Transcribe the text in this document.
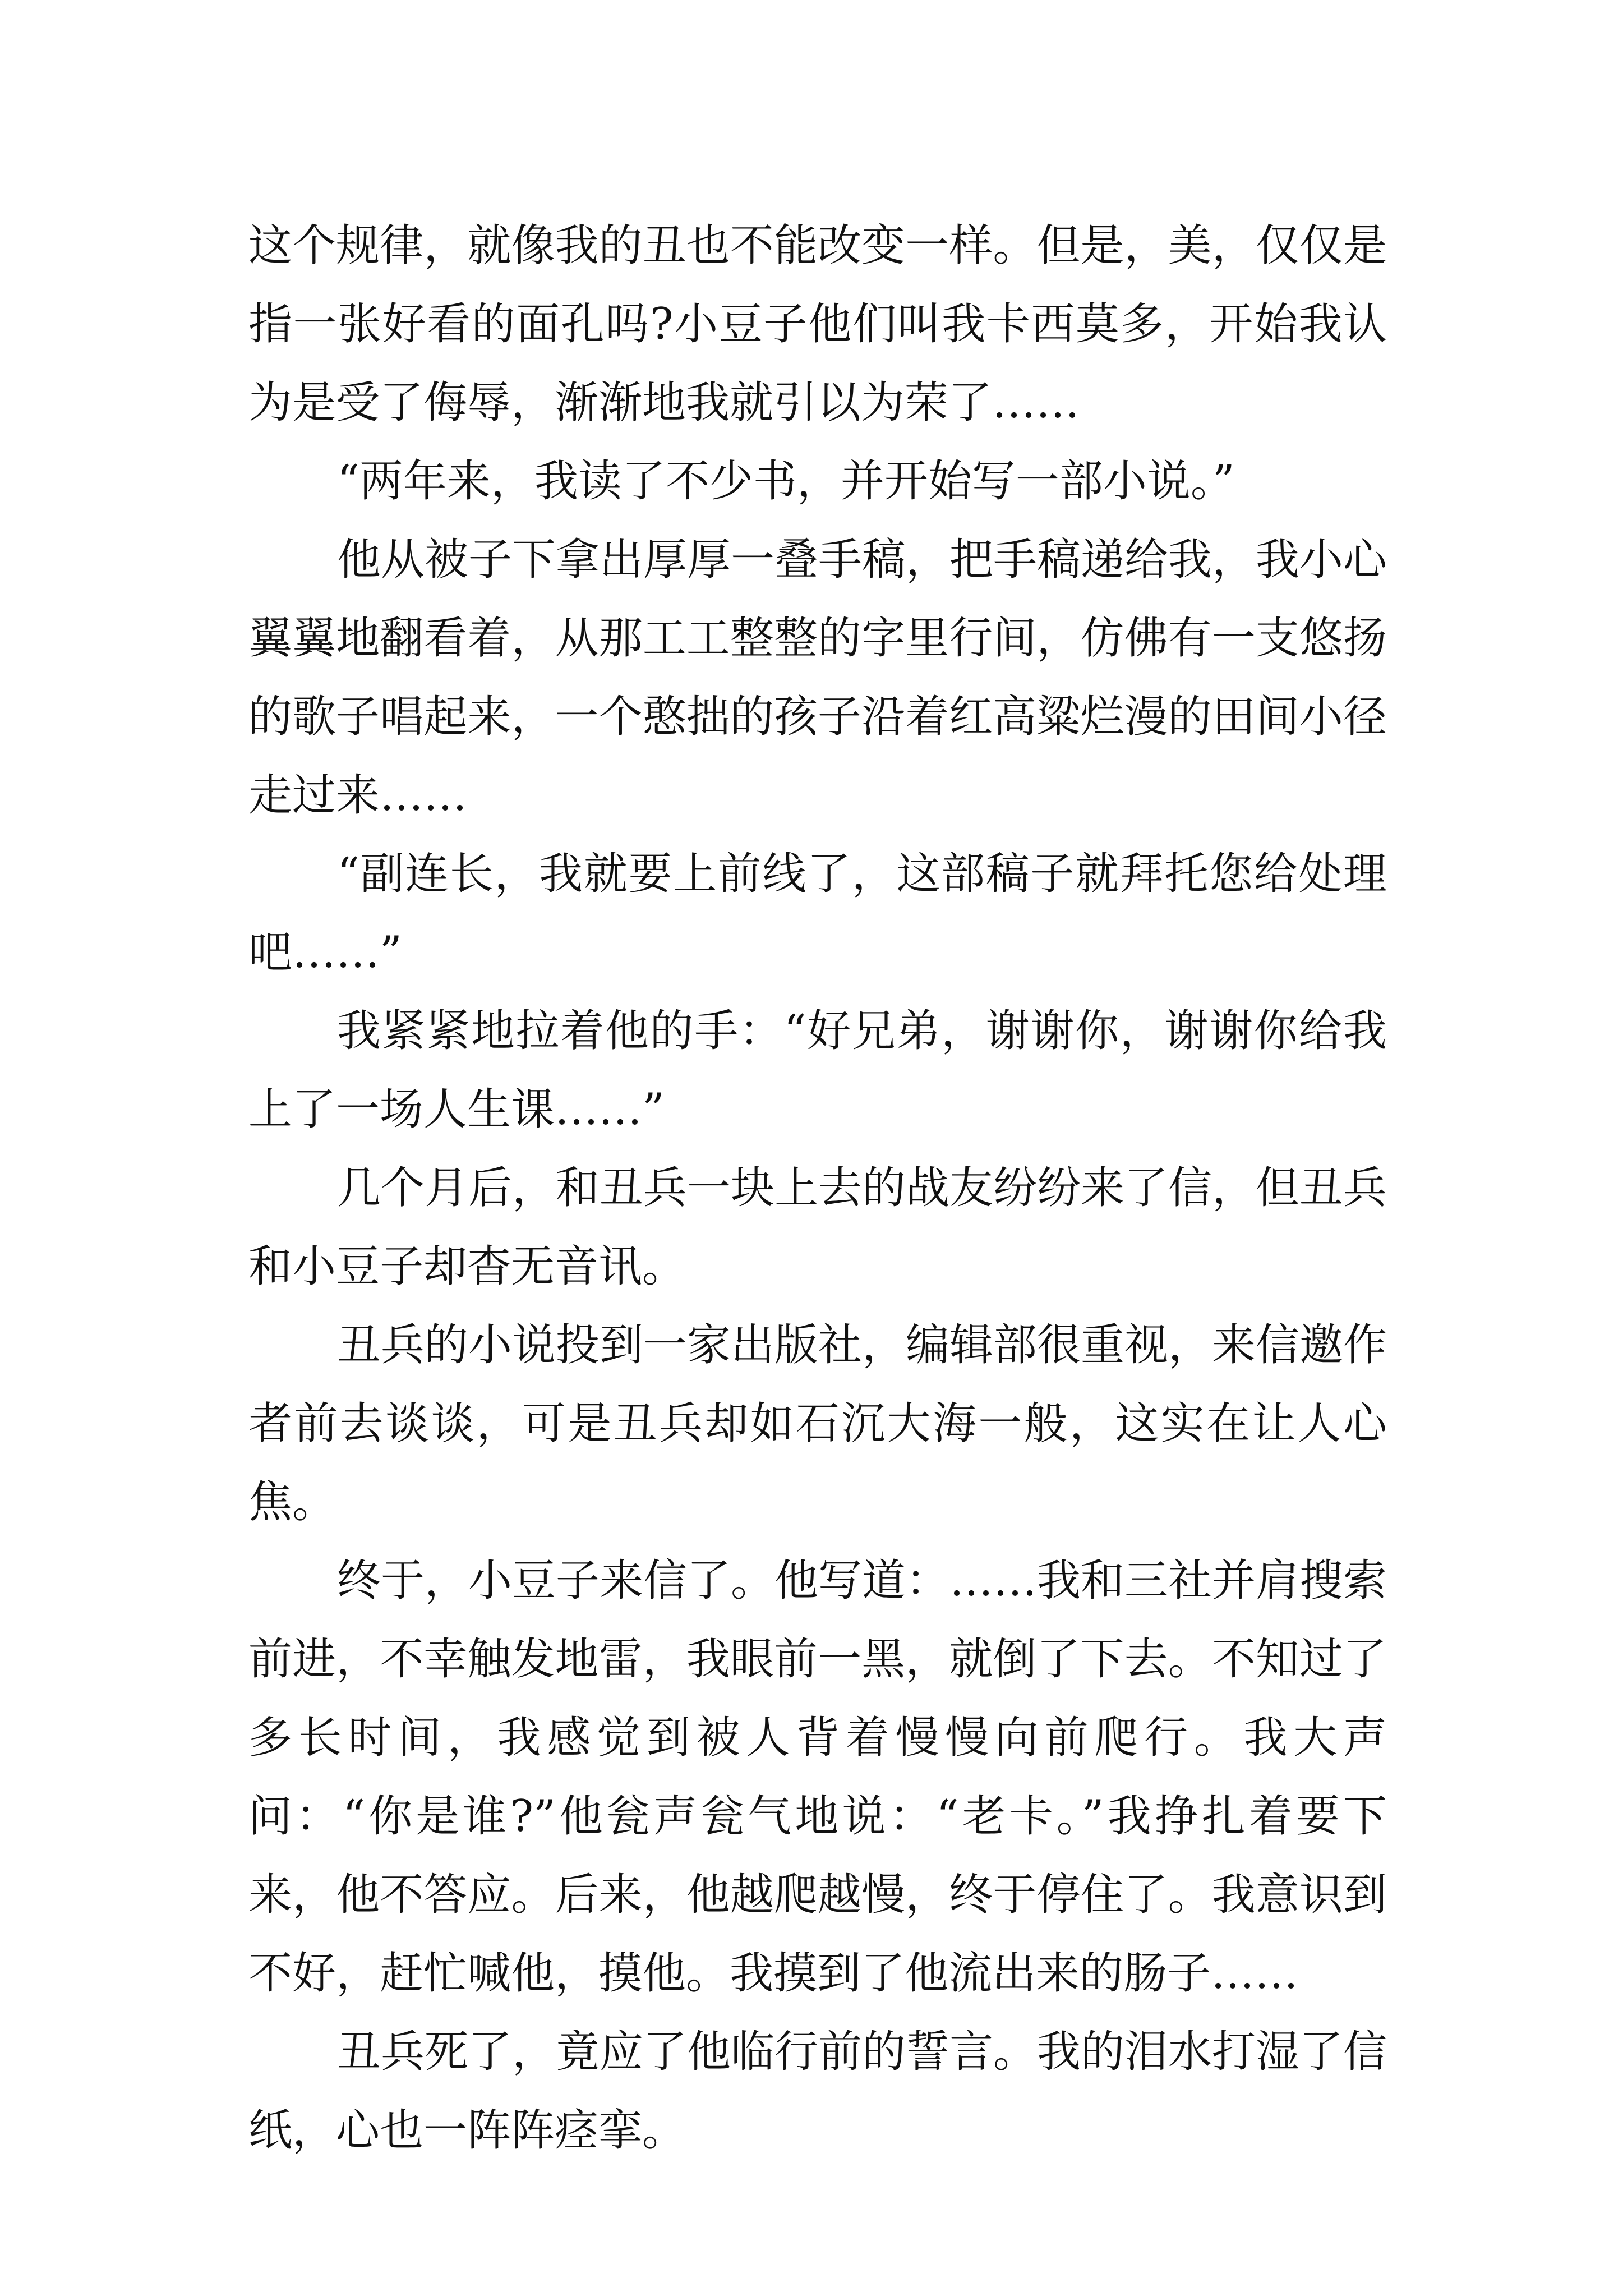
这个规律，就像我的丑也不能改变一样。但是，美，仅仅是指一张好看的面孔吗?小豆子他们叫我卡西莫多，开始我认为是受了侮辱，渐渐地我就引以为荣了……

“两年来，我读了不少书，并开始写一部小说。”

他从被子下拿出厚厚一叠手稿，把手稿递给我，我小心翼翼地翻看着，从那工工整整的字里行间，仿佛有一支悠扬的歌子唱起来，一个憨拙的孩子沿着红高粱烂漫的田间小径走过来……

“副连长，我就要上前线了，这部稿子就拜托您给处理吧……”

我紧紧地拉着他的手：“好兄弟，谢谢你，谢谢你给我上了一场人生课……”

几个月后，和丑兵一块上去的战友纷纷来了信，但丑兵和小豆子却杳无音讯。

丑兵的小说投到一家出版社，编辑部很重视，来信邀作者前去谈谈，可是丑兵却如石沉大海一般，这实在让人心焦。

终于，小豆子来信了。他写道：……我和三社并肩搜索前进，不幸触发地雷，我眼前一黑，就倒了下去。不知过了多长时间，我感觉到被人背着慢慢向前爬行。我大声问：“你是谁?”他瓮声瓮气地说：“老卡。”我挣扎着要下来，他不答应。后来，他越爬越慢，终于停住了。我意识到不好，赶忙喊他，摸他。我摸到了他流出来的肠子……

丑兵死了，竟应了他临行前的誓言。我的泪水打湿了信纸，心也一阵阵痉挛。
